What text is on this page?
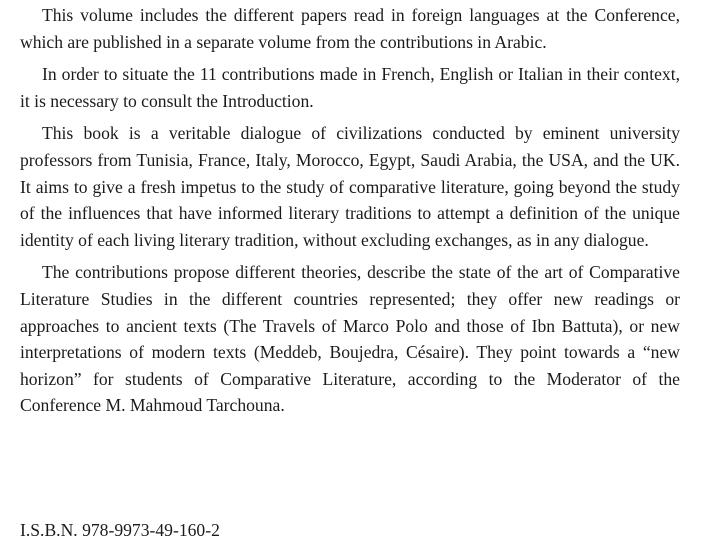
This volume includes the different papers read in foreign languages at the Conference, which are published in a separate volume from the contributions in Arabic.

In order to situate the 11 contributions made in French, English or Italian in their context, it is necessary to consult the Introduction.

This book is a veritable dialogue of civilizations conducted by eminent university professors from Tunisia, France, Italy, Morocco, Egypt, Saudi Arabia, the USA, and the UK. It aims to give a fresh impetus to the study of comparative literature, going beyond the study of the influences that have informed literary traditions to attempt a definition of the unique identity of each living literary tradition, without excluding exchanges, as in any dialogue.

The contributions propose different theories, describe the state of the art of Comparative Literature Studies in the different countries represented; they offer new readings or approaches to ancient texts (The Travels of Marco Polo and those of Ibn Battuta), or new interpretations of modern texts (Meddeb, Boujedra, Césaire). They point towards a “new horizon” for students of Comparative Literature, according to the Moderator of the Conference M. Mahmoud Tarchouna.

I.S.B.N. 978-9973-49-160-2
